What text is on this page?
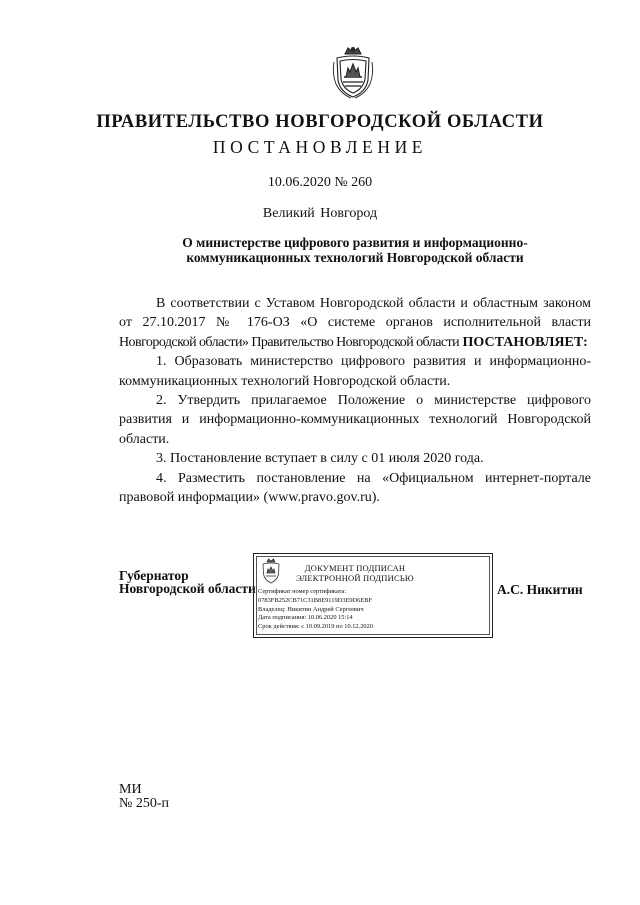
ПРАВИТЕЛЬСТВО НОВГОРОДСКОЙ ОБЛАСТИ
ПОСТАНОВЛЕНИЕ
10.06.2020 № 260
Великий Новгород
О министерстве цифрового развития и информационно-
коммуникационных технологий Новгородской области
В соответствии с Уставом Новгородской области и областным законом
от 27.10.2017 № 176-ОЗ «О системе органов исполнительной власти
Новгородской области» Правительство Новгородской области ПОСТАНОВЛЯЕТ:
1. Образовать министерство цифрового развития и информационно-
коммуникационных технологий Новгородской области.
2. Утвердить прилагаемое Положение о министерстве цифрового
развития и информационно-коммуникационных технологий Новгородской
области.
3. Постановление вступает в силу с 01 июля 2020 года.
4. Разместить постановление на «Официальном интернет-портале
правовой информации» (www.pravo.gov.ru).
Губернатор
Новгородской области
ДОКУМЕНТ ПОДПИСАН
ЭЛЕКТРОННОЙ ПОДПИСЬЮ
Сертификат номер сертификата:
0783FB252CB71C31B8E9119D3E9D6EBF
Владелец: Никитин Андрей Сергеевич
Дата подписания: 10.06.2020 15:14
Срок действия: с 10.09.2019 по 10.12.2020
А.С. Никитин
МИ
№ 250-п
